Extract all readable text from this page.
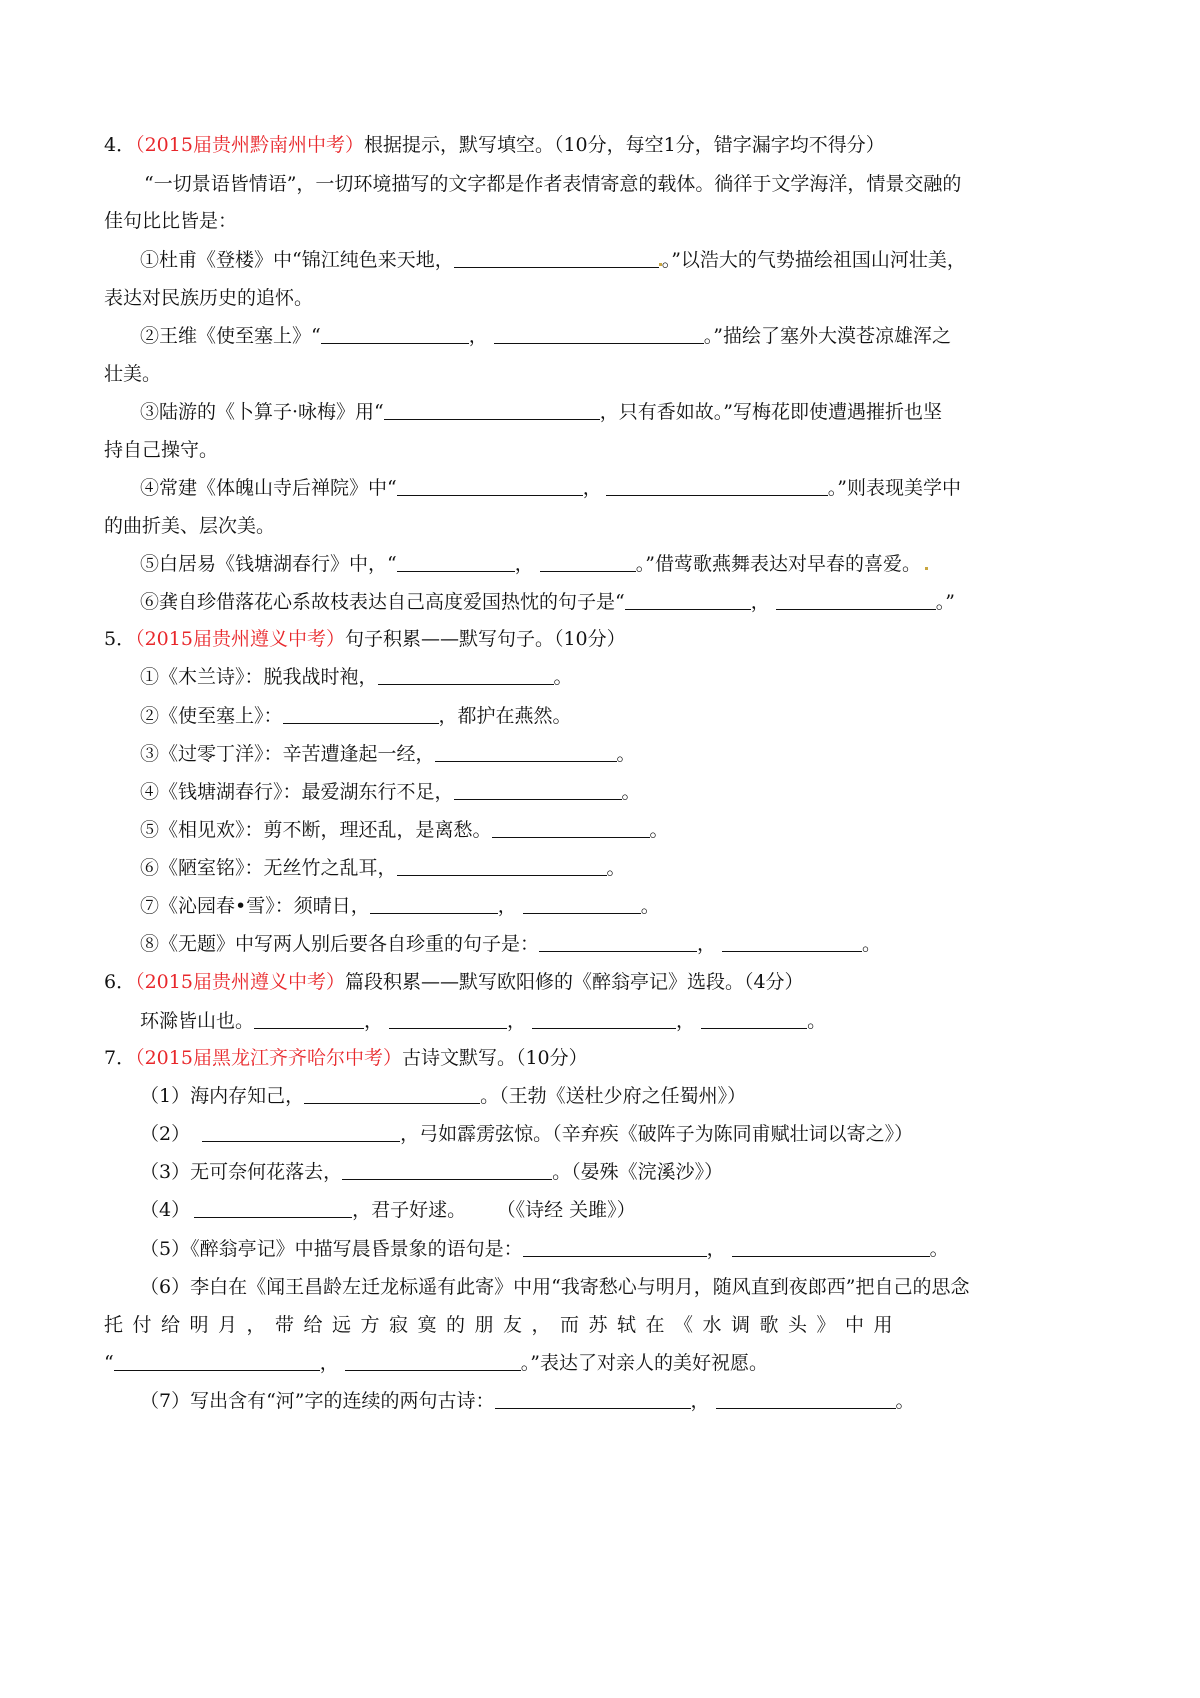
4．（2015届贵州黔南州中考）根据提示，默写填空。（10分，每空1分，错字漏字均不得分）
“一切景语皆情语”，一切环境描写的文字都是作者表情寄意的载体。徜徉于文学海洋，情景交融的
佳句比比皆是：
①杜甫《登楼》中“锦江纯色来天地，	。”以浩大的气势描绘祖国山河壮美，
表达对民族历史的追怀。
②王维《使至塞上》“	，	。”描绘了塞外大漠苍凉雄浑之
壮美。
③陆游的《卜算子·咏梅》用“	，只有香如故。”写梅花即使遭遇摧折也坚
持自己操守。
④常建《体魄山寺后禅院》中“	，	。”则表现美学中
的曲折美、层次美。
⑤白居易《钱塘湖春行》中，“	，	。”借莺歌燕舞表达对早春的喜爱。
⑥龚自珍借落花心系故枝表达自己高度爱国热忱的句子是“	，	。”
5．（2015届贵州遵义中考）句子积累——默写句子。（10分）
①《木兰诗》：脱我战时袍，	。
②《使至塞上》：	，都护在燕然。
③《过零丁洋》：辛苦遭逢起一经，	。
④《钱塘湖春行》：最爱湖东行不足，	。
⑤《相见欢》：剪不断，理还乱，是离愁。	。
⑥《陋室铭》：无丝竹之乱耳，	。
⑦《沁园春•雪》：须晴日，	，	。
⑧《无题》中写两人别后要各自珍重的句子是：	，	。
6．（2015届贵州遵义中考）篇段积累——默写欧阳修的《醉翁亭记》选段。（4分）
环滁皆山也。	，	，	，	。
7．（2015届黑龙江齐齐哈尔中考）古诗文默写。（10分）
（1）海内存知己，	。（王勃《送杜少府之任蜀州》）
（2）	，弓如霹雳弦惊。（辛弃疾《破阵子为陈同甫赋壮词以寄之》）
（3）无可奈何花落去，	。（晏殊《浣溪沙》）
（4）	，君子好逑。 （《诗经 关雎》）
（5）《醉翁亭记》中描写晨昏景象的语句是：	，	。
（6）李白在《闻王昌龄左迁龙标遥有此寄》中用“我寄愁心与明月，随风直到夜郎西”把自己的思念
托付给明月，带给远方寂寞的朋友，而苏轼在《水调歌头》中用
“	，	。”表达了对亲人的美好祝愿。
（7）写出含有“河”字的连续的两句古诗：	，	。
